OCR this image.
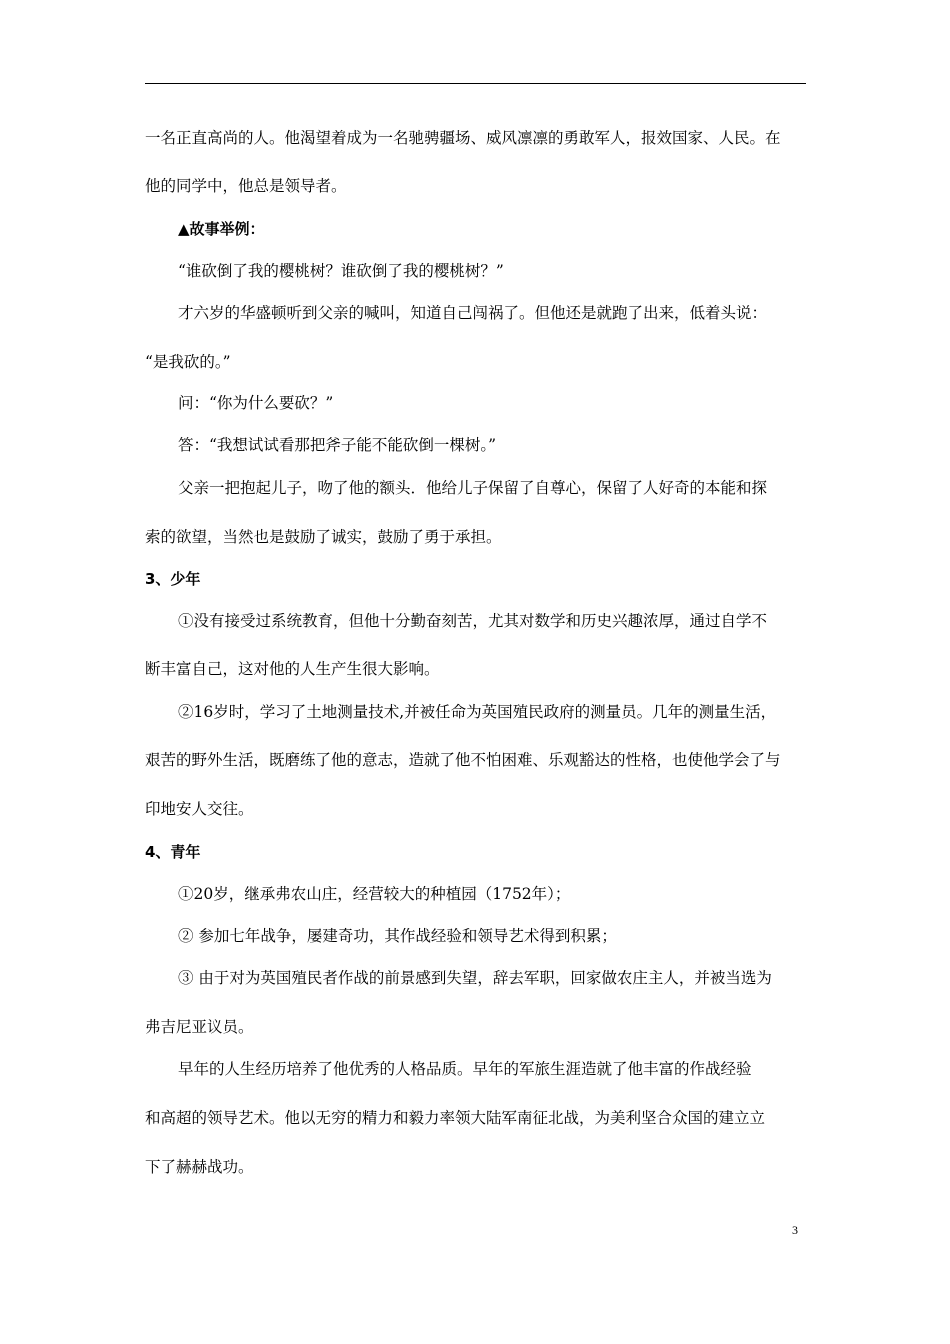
一名正直高尚的人。他渴望着成为一名驰骋疆场、威风凛凛的勇敢军人，报效国家、人民。在
他的同学中，他总是领导者。
▲故事举例：
“谁砍倒了我的樱桃树？谁砍倒了我的樱桃树？”
才六岁的华盛顿听到父亲的喊叫，知道自己闯祸了。但他还是就跑了出来，低着头说：
“是我砍的。”
问：“你为什么要砍？”
答：“我想试试看那把斧子能不能砍倒一棵树。”
父亲一把抱起儿子，吻了他的额头．他给儿子保留了自尊心，保留了人好奇的本能和探
索的欲望，当然也是鼓励了诚实，鼓励了勇于承担。
3、少年
①没有接受过系统教育，但他十分勤奋刻苦，尤其对数学和历史兴趣浓厚，通过自学不
断丰富自己，这对他的人生产生很大影响。
②16岁时，学习了土地测量技术,并被任命为英国殖民政府的测量员。几年的测量生活，
艰苦的野外生活，既磨练了他的意志，造就了他不怕困难、乐观豁达的性格，也使他学会了与
印地安人交往。
4、青年
①20岁，继承弗农山庄，经营较大的种植园（1752年）；
② 参加七年战争，屡建奇功，其作战经验和领导艺术得到积累；
③ 由于对为英国殖民者作战的前景感到失望，辞去军职，回家做农庄主人，并被当选为
弗吉尼亚议员。
早年的人生经历培养了他优秀的人格品质。早年的军旅生涯造就了他丰富的作战经验
和高超的领导艺术。他以无穷的精力和毅力率领大陆军南征北战，为美利坚合众国的建立立
下了赫赫战功。
3
